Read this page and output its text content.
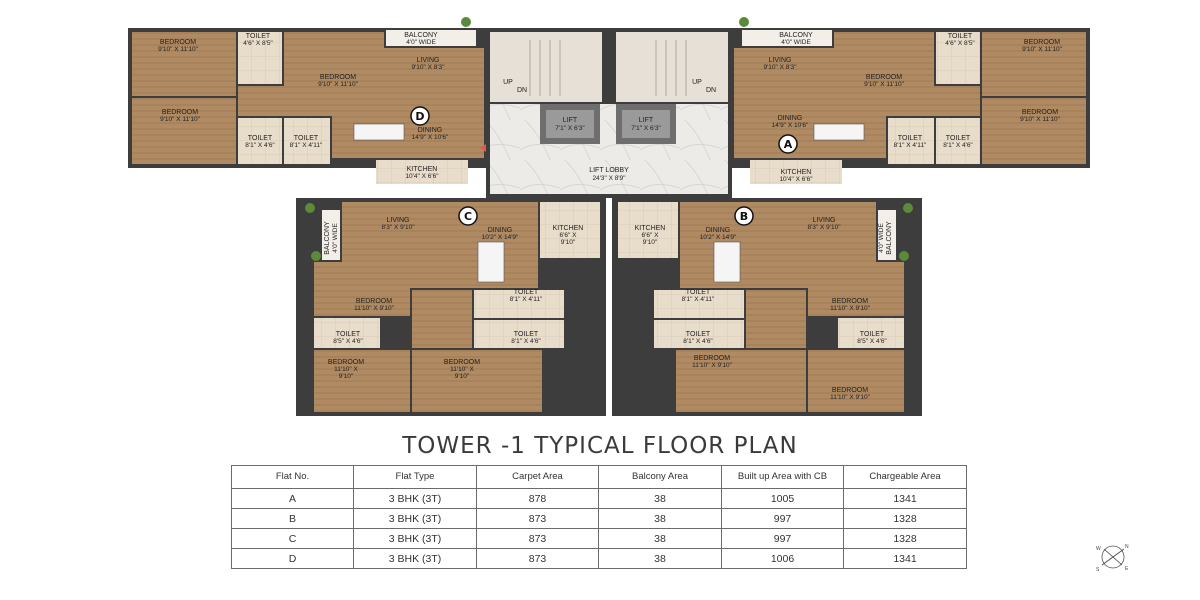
D
BEDROOM
9'10" X 11'10"
TOILET
4'6" X 8'5"
BEDROOM
9'10" X 11'10"
BEDROOM
9'10" X 11'10"
TOILET
8'1" X 4'6"
TOILET
8'1" X 4'11"
BALCONY
4'0" WIDE
LIVING
9'10" X 8'3"
DINING
14'9" X 10'6"
KITCHEN
10'4" X 6'6"
UP
DN
UP
DN
LIFT
7'1" X 6'3"
LIFT
7'1" X 6'3"
LIFT LOBBY
24'3" X 8'9"
A
BALCONY
4'0" WIDE
LIVING
9'10" X 8'3"
DINING
14'9" X 10'6"
KITCHEN
10'4" X 6'6"
BEDROOM
9'10" X 11'10"
TOILET
4'6" X 8'5"	BEDROOM
9'10" X 11'10"
BEDROOM
9'10" X 11'10"
TOILET
8'1" X 4'11"
TOILET
8'1" X 4'6"
C
BALCONY 4'0" WIDE
LIVING
8'3" X 9'10"	DINING
10'2" X 14'9"
KITCHEN
6'6" X
9'10"
BEDROOM
11'10" X 9'10"
TOILET
8'5" X 4'6"
TOILET
8'1" X 4'11"
TOILET
8'1" X 4'6"
BEDROOM
11'10" X
9'10"
BEDROOM
11'10" X
9'10"
B
KITCHEN
6'6" X
9'10"
DINING
10'2" X 14'9"
LIVING
8'3" X 9'10"	BALCONY
4'0" WIDE
TOILET
8'1" X 4'11"
TOILET
8'1" X 4'6"
BEDROOM
11'10" X 9'10"
TOILET
8'5" X 4'6"
BEDROOM
11'10" X 9'10"
BEDROOM
11'10" X 9'10"
TOWER -1 TYPICAL FLOOR PLAN
Flat No.	Flat Type	Carpet Area	Balcony Area	Built up Area with CB	Chargeable Area
A	3 BHK (3T)	878	38	1005	1341
B	3 BHK (3T)	873	38	997	1328
C	3 BHK (3T)	873	38	997	1328
D	3 BHK (3T)	873	38	1006	1341
N
W
E
S
